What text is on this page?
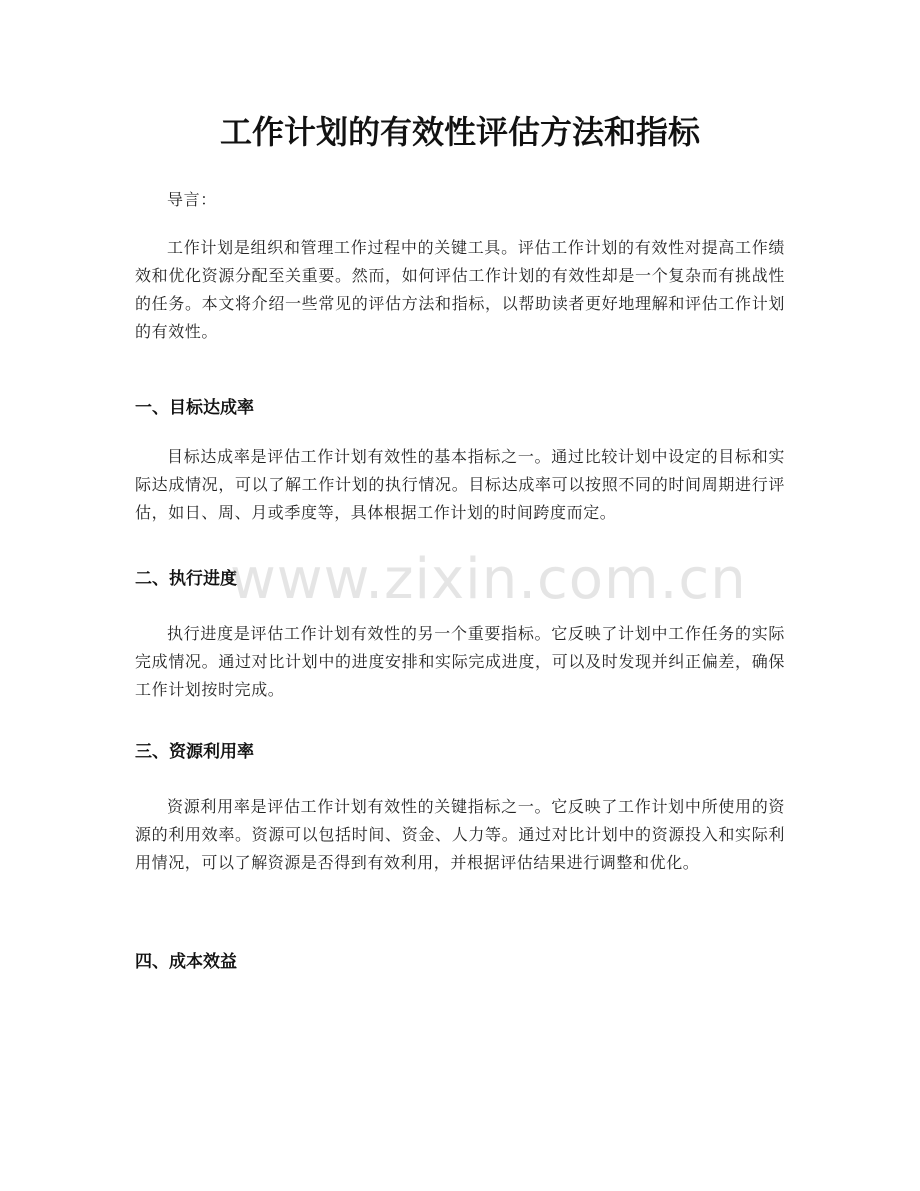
工作计划的有效性评估方法和指标

导言：

工作计划是组织和管理工作过程中的关键工具。评估工作计划的有效性对提高工作绩效和优化资源分配至关重要。然而，如何评估工作计划的有效性却是一个复杂而有挑战性的任务。本文将介绍一些常见的评估方法和指标，以帮助读者更好地理解和评估工作计划的有效性。

一、目标达成率

目标达成率是评估工作计划有效性的基本指标之一。通过比较计划中设定的目标和实际达成情况，可以了解工作计划的执行情况。目标达成率可以按照不同的时间周期进行评估，如日、周、月或季度等，具体根据工作计划的时间跨度而定。

二、执行进度

执行进度是评估工作计划有效性的另一个重要指标。它反映了计划中工作任务的实际完成情况。通过对比计划中的进度安排和实际完成进度，可以及时发现并纠正偏差，确保工作计划按时完成。

三、资源利用率

资源利用率是评估工作计划有效性的关键指标之一。它反映了工作计划中所使用的资源的利用效率。资源可以包括时间、资金、人力等。通过对比计划中的资源投入和实际利用情况，可以了解资源是否得到有效利用，并根据评估结果进行调整和优化。

四、成本效益
www.zixin.com.cn
